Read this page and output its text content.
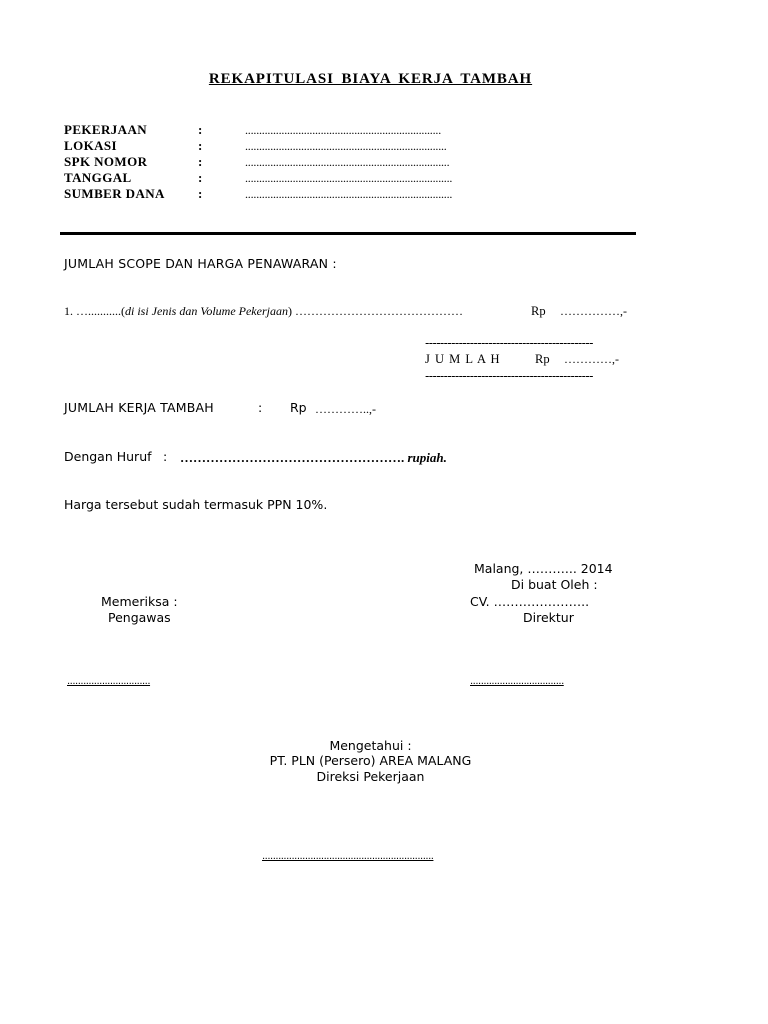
REKAPITULASI BIAYA KERJA TAMBAH
PEKERJAAN	:	......................................................................
LOKASI	:	........................................................................
SPK NOMOR	:	.........................................................................
TANGGAL	:	..........................................................................
SUMBER DANA	:	..........................................................................
JUMLAH SCOPE DAN HARGA PENAWARAN :
1. …...........(di isi Jenis dan Volume Pekerjaan) ……………………………………	Rp ……………,-
---------------------------------------------
J U M L A H	Rp …………,-
---------------------------------------------
JUMLAH KERJA TAMBAH	: Rp …………..,-
Dengan Huruf : ……………………………………………. rupiah.
Harga tersebut sudah termasuk PPN 10%.
Malang, ………... 2014
Di buat Oleh :
Memeriksa :	CV. …………………..
Pengawas	Direktur
...............................	...................................
Mengetahui :
PT. PLN (Persero) AREA MALANG
Direksi Pekerjaan
................................................................
